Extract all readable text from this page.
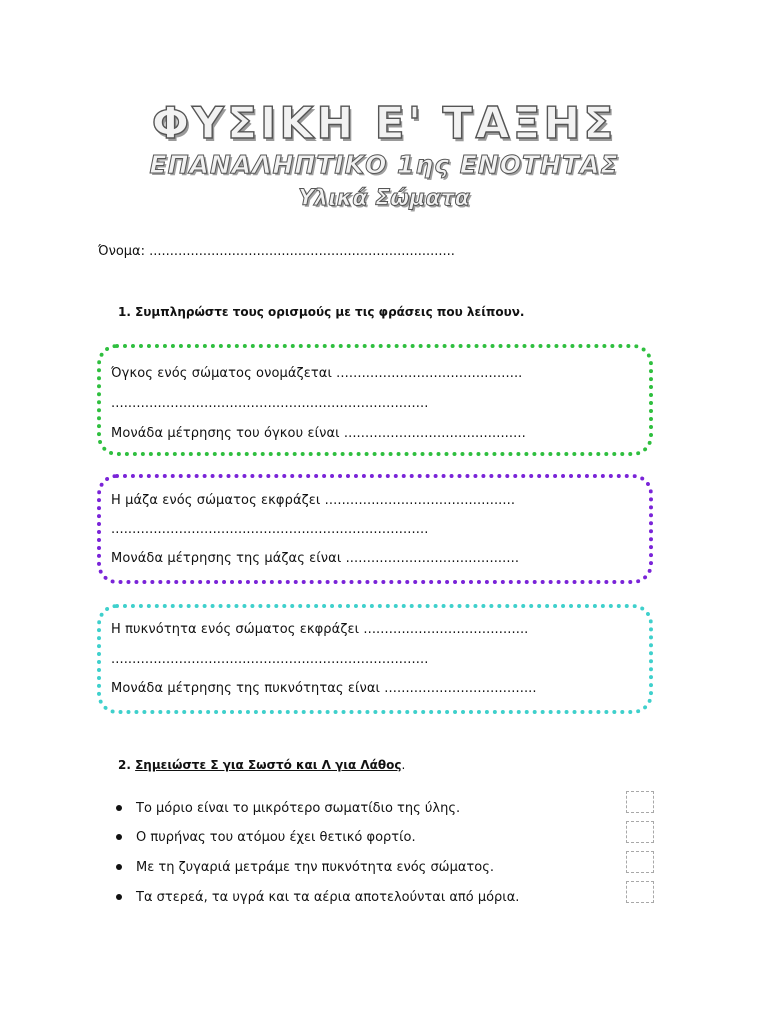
ΦΥΣΙΚΗ Ε' ΤΑΞΗΣ
ΕΠΑΝΑΛΗΠΤΙΚΟ 1ης ΕΝΟΤΗΤΑΣ
Υλικά Σώματα
Όνομα: ..........................................................................
1. Συμπληρώστε τους ορισμούς με τις φράσεις που λείπουν.
Όγκος ενός σώματος ονομάζεται ............................................
...........................................................................
Μονάδα μέτρησης του όγκου είναι ...........................................
Η μάζα ενός σώματος εκφράζει .............................................
...........................................................................
Μονάδα μέτρησης της μάζας είναι .........................................
Η πυκνότητα ενός σώματος εκφράζει .......................................
...........................................................................
Μονάδα μέτρησης της πυκνότητας είναι ....................................
2. Σημειώστε Σ για Σωστό και Λ για Λάθος.
Το μόριο είναι το μικρότερο σωματίδιο της ύλης.
Ο πυρήνας του ατόμου έχει θετικό φορτίο.
Με τη ζυγαριά μετράμε την πυκνότητα ενός σώματος.
Τα στερεά, τα υγρά και τα αέρια αποτελούνται από μόρια.
